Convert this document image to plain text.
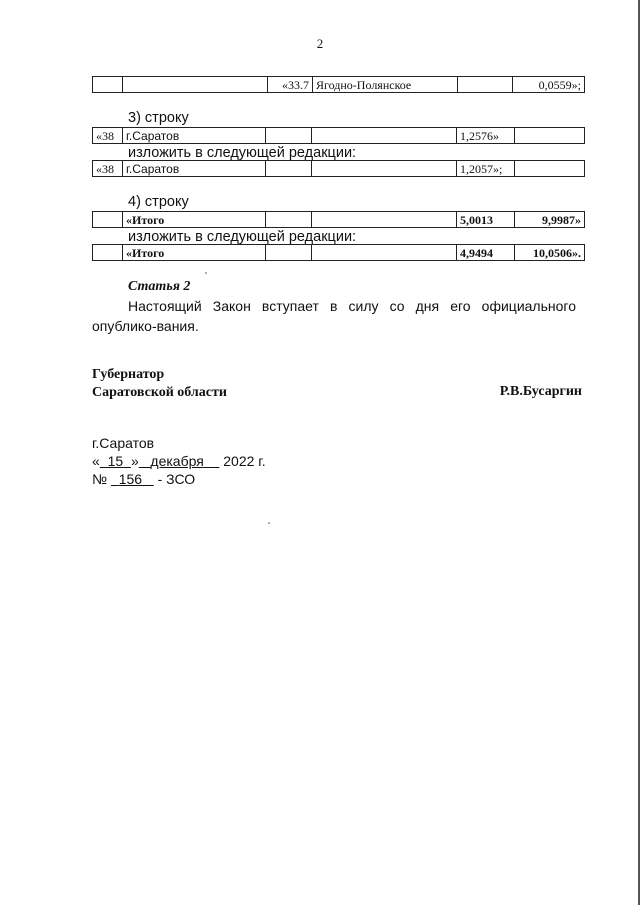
2
		«33.7	Ягодно-Полянское		0,0559»;
3) строку
«38	г.Саратов			1,2576»	
изложить в следующей редакции:
«38	г.Саратов			1,2057»;	
4) строку
	«Итого			5,0013	9,9987»
изложить в следующей редакции:
	«Итого			4,9494	10,0506».
Статья 2
Настоящий Закон вступает в силу со дня его официального опублико-вания.
Губернатор
Саратовской области	Р.В.Бусаргин
г.Саратов
« 15 » декабря 2022 г.
№ 156 - ЗСО
